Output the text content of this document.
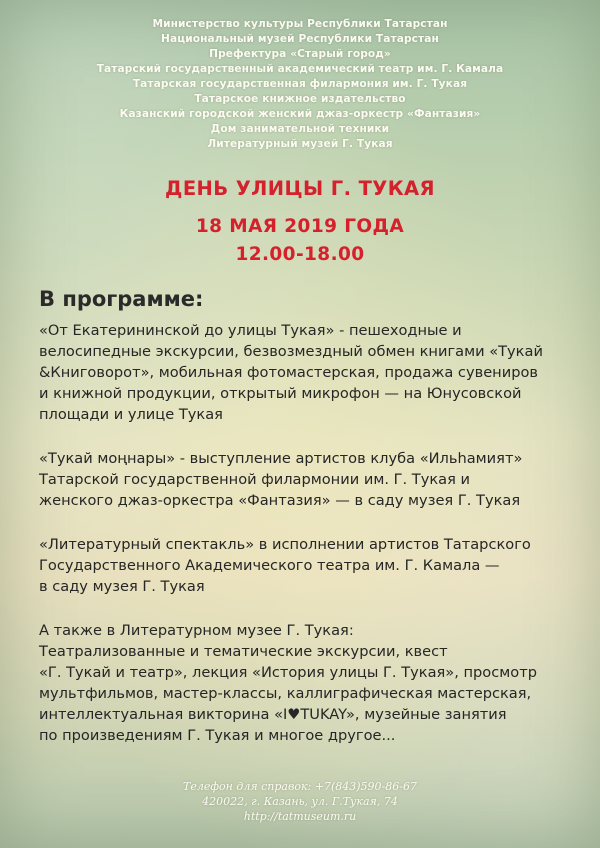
Министерство культуры Республики Татарстан
Национальный музей Республики Татарстан
Префектура «Старый город»
Татарский государственный академический театр им. Г. Камала
Татарская государственная филармония им. Г. Тукая
Татарское книжное издательство
Казанский городской женский джаз-оркестр «Фантазия»
Дом занимательной техники
Литературный музей Г. Тукая
ДЕНЬ УЛИЦЫ Г. ТУКАЯ
18 МАЯ 2019 ГОДА
12.00-18.00
В программе:

«От Екатерининской до улицы Тукая» - пешеходные и
велосипедные экскурсии, безвозмездный обмен книгами «Тукай
&Книговорот», мобильная фотомастерская, продажа сувениров
и книжной продукции, открытый микрофон — на Юнусовской
площади и улице Тукая

«Тукай моңнары» - выступление артистов клуба «Ильһамият»
Татарской государственной филармонии им. Г. Тукая и
женского джаз-оркестра «Фантазия» — в саду музея Г. Тукая

«Литературный спектакль» в исполнении артистов Татарского
Государственного Академического театра им. Г. Камала —
в саду музея Г. Тукая

А также в Литературном музее Г. Тукая:
Театрализованные и тематические экскурсии, квест
«Г. Тукай и театр», лекция «История улицы Г. Тукая», просмотр
мультфильмов, мастер-классы, каллиграфическая мастерская,
интеллектуальная викторина «I♥TUKAY», музейные занятия
по произведениям Г. Тукая и многое другое...

Телефон для справок: +7(843)590-86-67
420022, г. Казань, ул. Г.Тукая, 74
http://tatmuseum.ru
